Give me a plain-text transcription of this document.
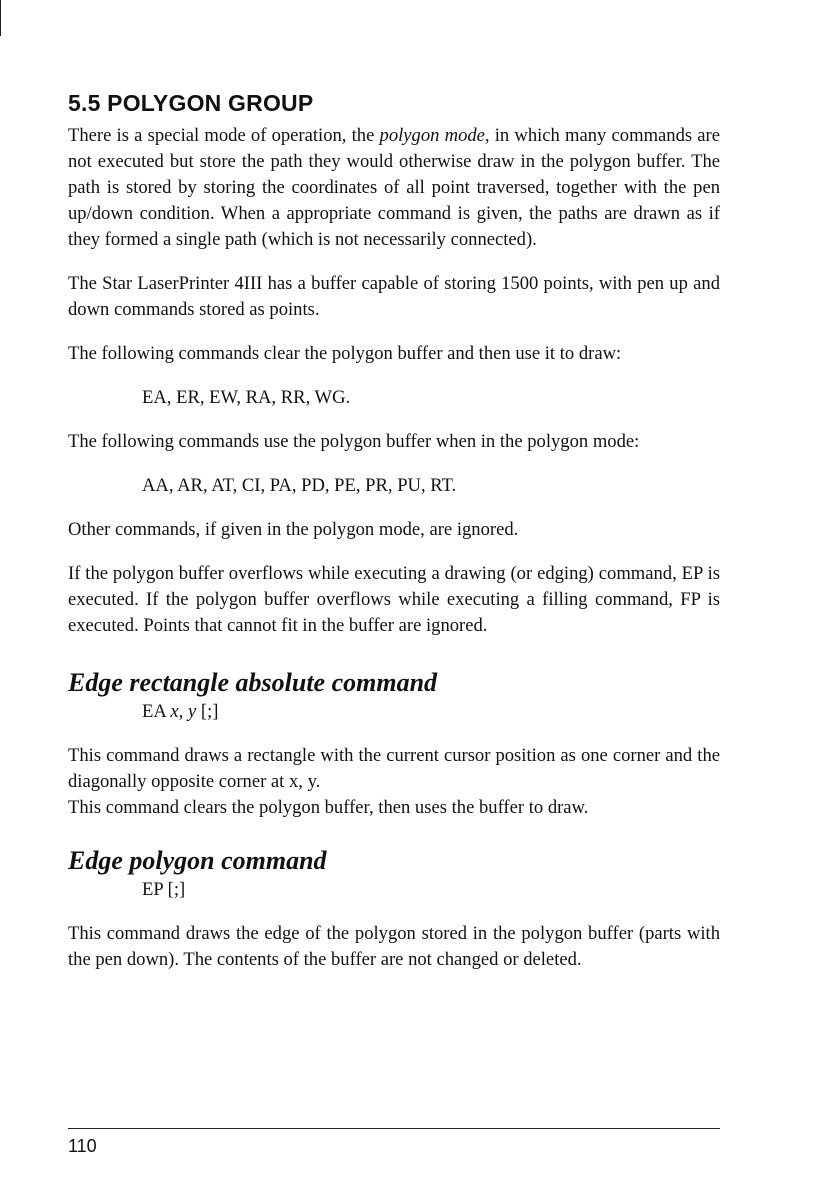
5.5 POLYGON GROUP

There is a special mode of operation, the polygon mode, in which many commands are not executed but store the path they would otherwise draw in the polygon buffer. The path is stored by storing the coordinates of all point traversed, together with the pen up/down condition. When a appropriate command is given, the paths are drawn as if they formed a single path (which is not necessarily connected).

The Star LaserPrinter 4III has a buffer capable of storing 1500 points, with pen up and down commands stored as points.

The following commands clear the polygon buffer and then use it to draw:

EA, ER, EW, RA, RR, WG.

The following commands use the polygon buffer when in the polygon mode:

AA, AR, AT, CI, PA, PD, PE, PR, PU, RT.

Other commands, if given in the polygon mode, are ignored.

If the polygon buffer overflows while executing a drawing (or edging) command, EP is executed. If the polygon buffer overflows while executing a filling command, FP is executed. Points that cannot fit in the buffer are ignored.

Edge rectangle absolute command
EA x, y [;]

This command draws a rectangle with the current cursor position as one corner and the diagonally opposite corner at x, y.

This command clears the polygon buffer, then uses the buffer to draw.

Edge polygon command
EP [;]

This command draws the edge of the polygon stored in the polygon buffer (parts with the pen down). The contents of the buffer are not changed or deleted.

110
